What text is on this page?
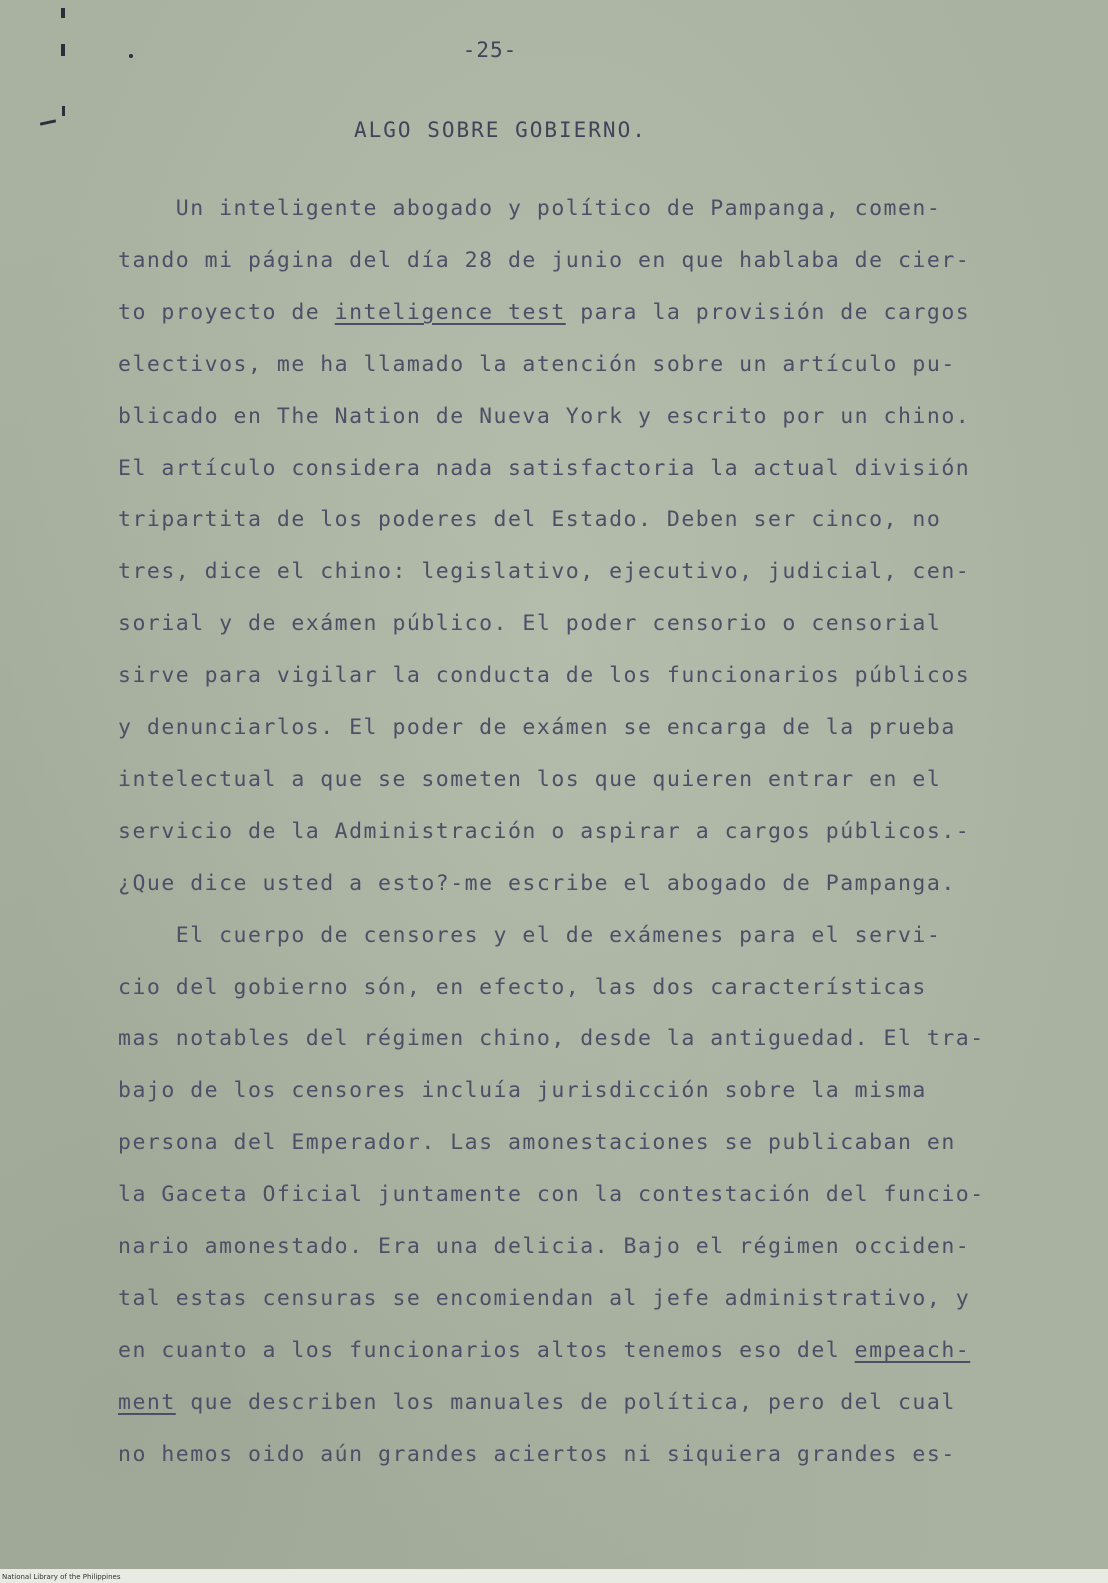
-25-
ALGO SOBRE GOBIERNO.
Un inteligente abogado y político de Pampanga, comen-
tando mi página del día 28 de junio en que hablaba de cier-
to proyecto de inteligence test para la provisión de cargos
electivos, me ha llamado la atención sobre un artículo pu-
blicado en The Nation de Nueva York y escrito por un chino.
El artículo considera nada satisfactoria la actual división
tripartita de los poderes del Estado. Deben ser cinco, no
tres, dice el chino: legislativo, ejecutivo, judicial, cen-
sorial y de exámen público. El poder censorio o censorial
sirve para vigilar la conducta de los funcionarios públicos
y denunciarlos. El poder de exámen se encarga de la prueba
intelectual a que se someten los que quieren entrar en el
servicio de la Administración o aspirar a cargos públicos.-
¿Que dice usted a esto?-me escribe el abogado de Pampanga.
El cuerpo de censores y el de exámenes para el servi-
cio del gobierno són, en efecto, las dos características
mas notables del régimen chino, desde la antiguedad. El tra-
bajo de los censores incluía jurisdicción sobre la misma
persona del Emperador. Las amonestaciones se publicaban en
la Gaceta Oficial juntamente con la contestación del funcio-
nario amonestado. Era una delicia. Bajo el régimen occiden-
tal estas censuras se encomiendan al jefe administrativo, y
en cuanto a los funcionarios altos tenemos eso del empeach-
ment que describen los manuales de política, pero del cual
no hemos oido aún grandes aciertos ni siquiera grandes es-
National Library of the Philippines
